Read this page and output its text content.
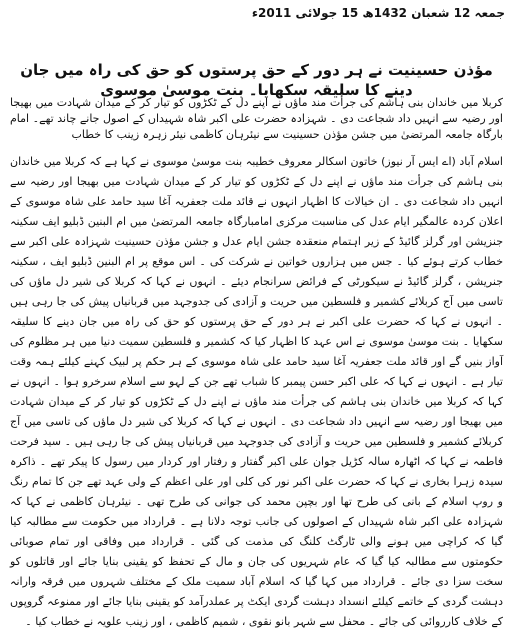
جمعہ 12 شعبان 1432ھ 15 جولائی 2011ء
مؤذن حسینیت نے ہر دور کے حق پرستوں کو حق کی راہ میں جان دینے کا سلیقہ سکھایا۔ بنت موسیٰ موسوی
کربلا میں خاندان بنی ہاشم کی جرأت مند ماؤں نے اپنے دل کے ٹکڑوں کو تیار کر کے میدان شہادت میں بھیجا اور رضیہ سے انہیں داد شجاعت دی ۔ شہزادہ حضرت علی اکبر شاہ شہیداں کے اصول جانے چاند تھے۔ امام بارگاہ جامعہ المرتضیٰ میں جشن مؤذن حسینیت سے نیئرہان کاظمی نیئر زہرہ زینب کا خطاب
اسلام آباد (اے ایس آر نیوز) خاتون اسکالر معروف خطیبہ بنت موسیٰ موسوی نے کہا ہے کہ کربلا میں خاندان بنی ہاشم کی جرأت مند ماؤں نے اپنے دل کے ٹکڑوں کو تیار کر کے میدان شہادت میں بھیجا اور رضیہ سے انہیں داد شجاعت دی ۔ ان خیالات کا اظہار انہوں نے قائد ملت جعفریہ آغا سید حامد علی شاہ موسوی کے اعلان کردہ عالمگیر ایام عدل کی مناسبت مرکزی امامبارگاہ جامعہ المرتضیٰ میں ام البنین ڈبلیو ایف سکینہ جنزیشن اور گرلز گائیڈ کے زیر اہتمام منعقدہ جشن ایام عدل و جشن مؤذن حسینیت شہزادہ علی اکبر سے خطاب کرتے ہوئے کیا ۔ جس میں ہزاروں خواتین نے شرکت کی ۔ اس موقع پر ام البنین ڈبلیو ایف ، سکینہ جنریشن ، گرلز گائیڈ نے سیکورٹی کے فرائض سرانجام دیئے ۔ انہوں نے کہا کہ کربلا کی شیر دل ماؤں کی تاسی میں آج کربلائے کشمیر و فلسطین میں حریت و آزادی کی جدوجہد میں قربانیاں پیش کی جا رہی ہیں ۔ انہوں نے کہا کہ حضرت علی اکبر نے ہر دور کے حق پرستوں کو حق کی راہ میں جان دینے کا سلیقہ سکھایا ۔ بنت موسیٰ موسوی نے اس عہد کا اظہار کیا کہ کشمیر و فلسطین سمیت دنیا میں ہر مظلوم کی آواز بنیں گے اور قائد ملت جعفریہ آغا سید حامد علی شاہ موسوی کے ہر حکم پر لبیک کہنے کیلئے ہمہ وقت تیار ہے ۔ انہوں نے کہا کہ علی اکبر حسن پیمبر کا شباب تھے جن کے لہو سے اسلام سرخرو ہوا ۔ انہوں نے کہا کہ کربلا میں خاندان بنی ہاشم کی جرأت مند ماؤں نے اپنے دل کے ٹکڑوں کو تیار کر کے میدان شہادت میں بھیجا اور رضیہ سے انہیں داد شجاعت دی ۔ انہوں نے کہا کہ کربلا کی شیر دل ماؤں کی تاسی میں آج کربلائے کشمیر و فلسطین میں حریت و آزادی کی جدوجہد میں قربانیاں پیش کی جا رہی ہیں ۔ سید فرحت فاطمہ نے کہا کہ اٹھارہ سالہ کڑیل جوان علی اکبر گفتار و رفتار اور کردار میں رسول کا پیکر تھے ۔ ذاکرہ سیدہ زہرا بخاری نے کہا کہ حضرت علی اکبر نور کی کلی اور علی اعظم کے ولی عہد تھے جن کا تمام رنگ و روپ اسلام کے بانی کی طرح تھا اور بچپن محمد کی جوانی کی طرح تھی ۔ نیئرہان کاظمی نے کہا کہ شہزادہ علی اکبر شاہ شہیداں کے اصولوں کی جانب توجہ دلانا ہے ۔ قرارداد میں حکومت سے مطالبہ کیا گیا کہ کراچی میں ہونے والی ٹارگٹ کلنگ کی مذمت کی گئی ۔ قرارداد میں وفاقی اور تمام صوبائی حکومتوں سے مطالبہ کیا گیا کہ عام شہریوں کی جان و مال کے تحفظ کو یقینی بنایا جائے اور قاتلوں کو سخت سزا دی جائے ۔ قرارداد میں کہا گیا کہ اسلام آباد سمیت ملک کے مختلف شہروں میں فرقہ وارانہ دہشت گردی کے خاتمے کیلئے انسداد دہشت گردی ایکٹ پر عملدرآمد کو یقینی بنایا جائے اور ممنوعہ گروپوں کے خلاف کارروائی کی جائے ۔ محفل سے شہر بانو نقوی ، شمیم کاظمی ، اور زینب علویہ نے خطاب کیا ۔
